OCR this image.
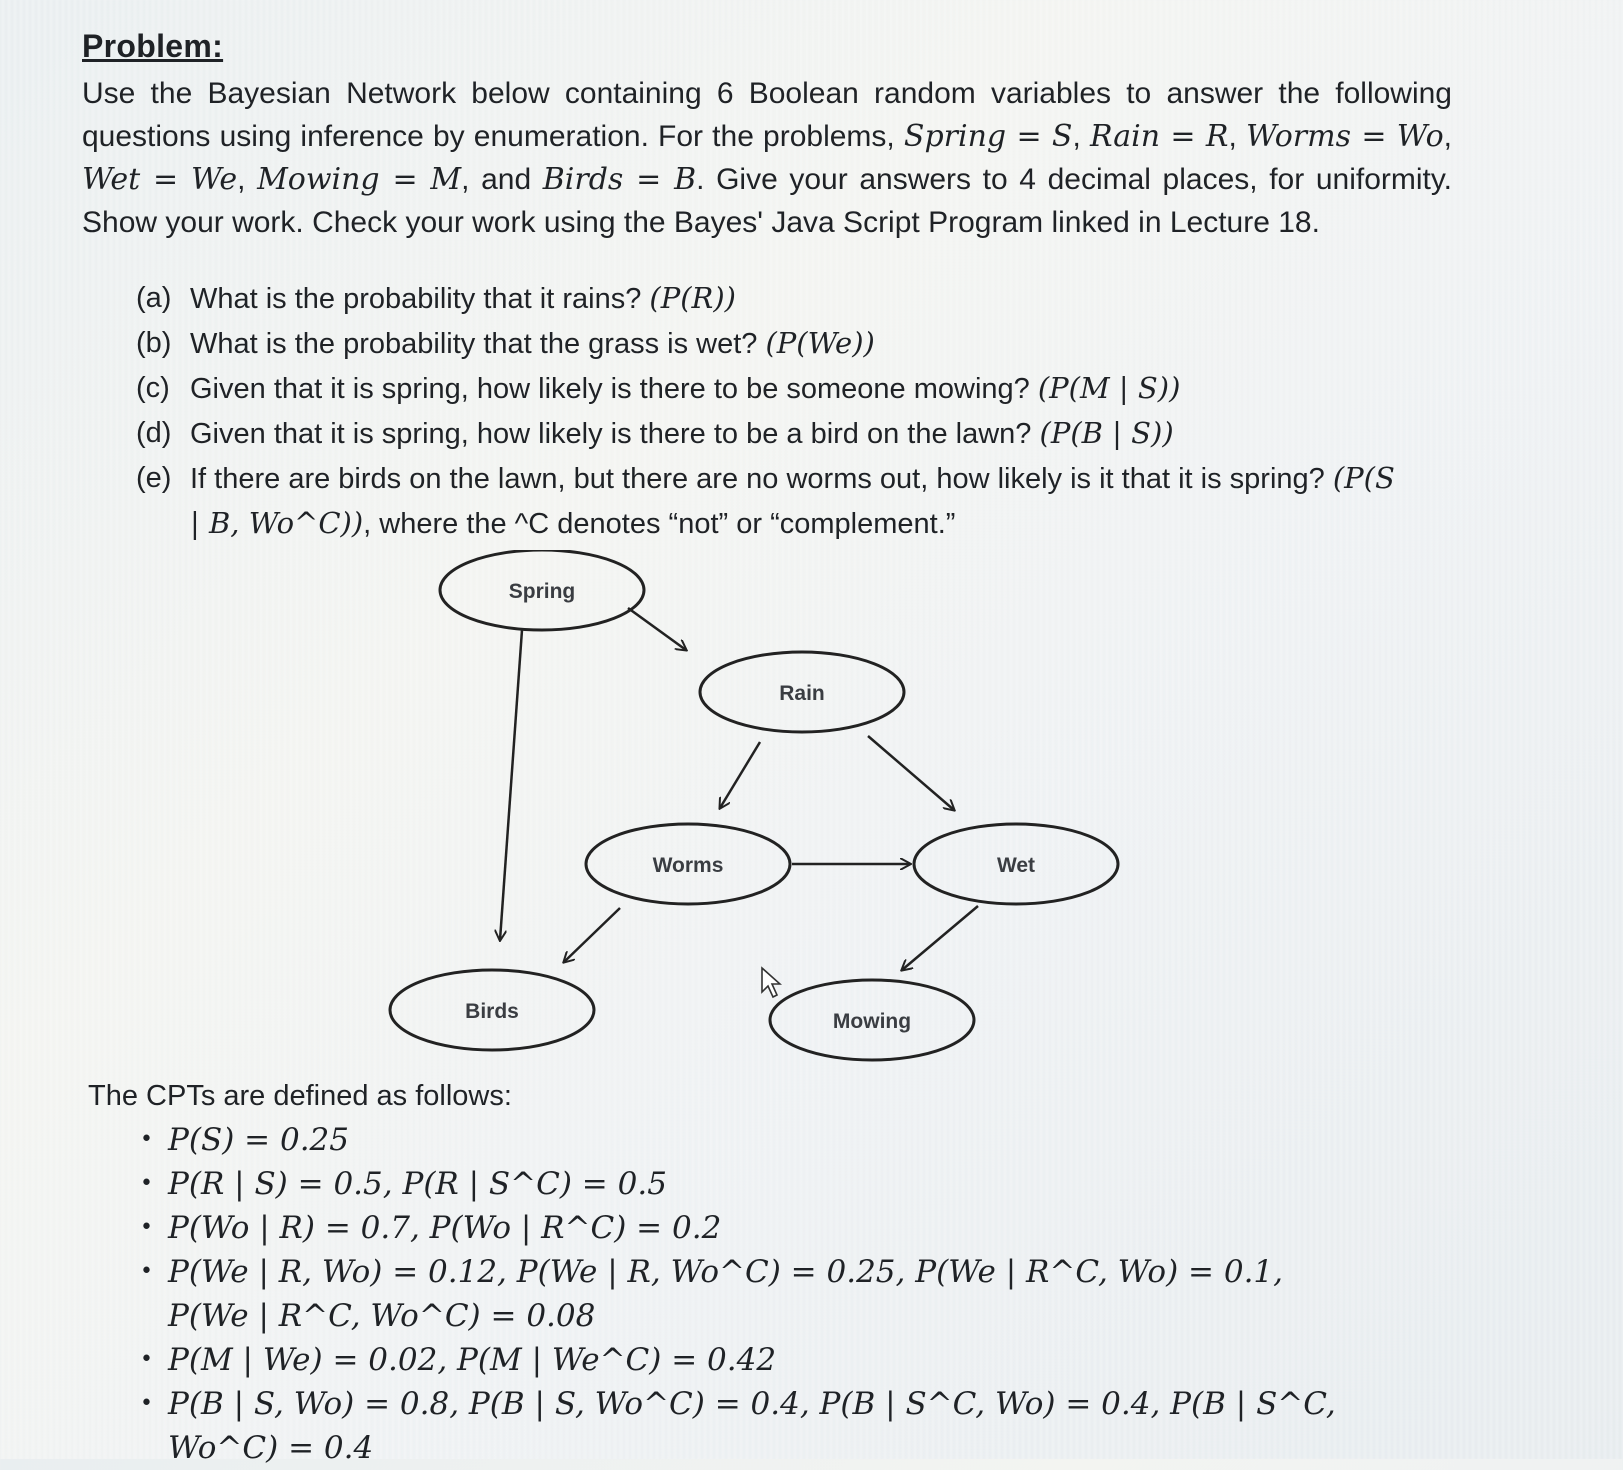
Problem:
Use the Bayesian Network below containing 6 Boolean random variables to answer the following questions using inference by enumeration. For the problems, Spring = S, Rain = R, Worms = Wo, Wet = We, Mowing = M, and Birds = B. Give your answers to 4 decimal places, for uniformity. Show your work. Check your work using the Bayes' Java Script Program linked in Lecture 18.
(a) What is the probability that it rains? (P(R))
(b) What is the probability that the grass is wet? (P(We))
(c) Given that it is spring, how likely is there to be someone mowing? (P(M | S))
(d) Given that it is spring, how likely is there to be a bird on the lawn? (P(B | S))
(e) If there are birds on the lawn, but there are no worms out, how likely is it that it is spring? (P(S | B, Wo^C)), where the ^C denotes “not” or “complement.”
Spring
Rain
Worms	Wet
Birds	Mowing
The CPTs are defined as follows:
• P(S) = 0.25
• P(R | S) = 0.5, P(R | S^C) = 0.5
• P(Wo | R) = 0.7, P(Wo | R^C) = 0.2
• P(We | R, Wo) = 0.12, P(We | R, Wo^C) = 0.25, P(We | R^C, Wo) = 0.1,
P(We | R^C, Wo^C) = 0.08
• P(M | We) = 0.02, P(M | We^C) = 0.42
• P(B | S, Wo) = 0.8, P(B | S, Wo^C) = 0.4, P(B | S^C, Wo) = 0.4, P(B | S^C, Wo^C) = 0.4
